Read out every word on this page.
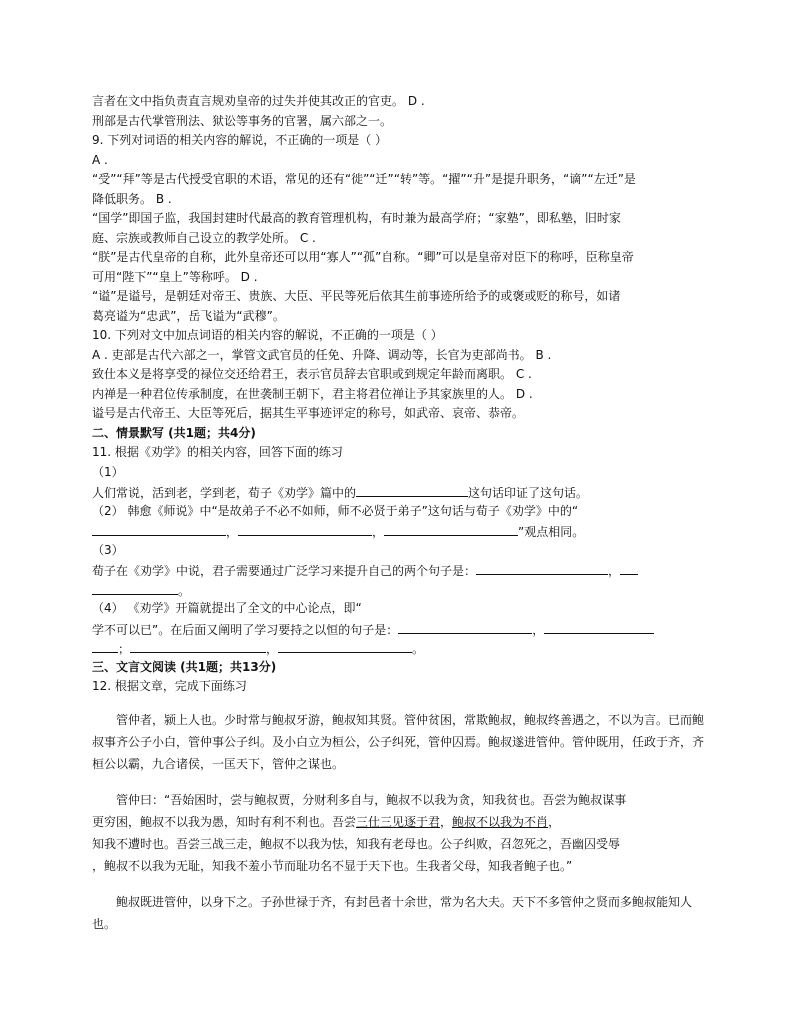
言者在文中指负责直言规劝皇帝的过失并使其改正的官吏。 D .
刑部是古代掌管刑法、狱讼等事务的官署，属六部之一。
9. 下列对词语的相关内容的解说，不正确的一项是（ ）
A .
“受”“拜”等是古代授受官职的术语，常见的还有“徙”“迁”“转”等。“擢”“升”是提升职务，“谪”“左迁”是
降低职务。 B .
“国学”即国子监，我国封建时代最高的教育管理机构，有时兼为最高学府；“家塾”，即私塾，旧时家
庭、宗族或教师自己设立的教学处所。 C .
“朕”是古代皇帝的自称，此外皇帝还可以用“寡人”“孤”自称。“卿”可以是皇帝对臣下的称呼，臣称皇帝
可用“陛下”“皇上”等称呼。 D .
“谥”是谥号，是朝廷对帝王、贵族、大臣、平民等死后依其生前事迹所给予的或褒或贬的称号，如诸
葛亮谥为“忠武”，岳飞谥为“武穆”。
10. 下列对文中加点词语的相关内容的解说，不正确的一项是（ ）
A . 吏部是古代六部之一，掌管文武官员的任免、升降、调动等，长官为吏部尚书。 B .
致仕本义是将享受的禄位交还给君王，表示官员辞去官职或到规定年龄而离职。 C .
内禅是一种君位传承制度，在世袭制王朝下，君主将君位禅让予其家族里的人。 D .
谥号是古代帝王、大臣等死后，据其生平事迹评定的称号，如武帝、哀帝、恭帝。
二、情景默写 (共1题；共4分)
11. 根据《劝学》的相关内容，回答下面的练习
（1）
人们常说，活到老，学到老，荀子《劝学》篇中的	这句话印证了这句话。
（2） 韩愈《师说》中“是故弟子不必不如师，师不必贤于弟子”这句话与荀子《劝学》中的“
，	，	”观点相同。
（3）
荀子在《劝学》中说，君子需要通过广泛学习来提升自己的两个句子是：	，
。
（4） 《劝学》开篇就提出了全文的中心论点，即“
学不可以已”。在后面又阐明了学习要持之以恒的句子是：	，
；	，	。
三、文言文阅读 (共1题；共13分)
12. 根据文章，完成下面练习
管仲者，颍上人也。少时常与鲍叔牙游，鲍叔知其贤。管仲贫困，常欺鲍叔，鲍叔终善遇之，不以为言。已而鲍叔事齐公子小白，管仲事公子纠。及小白立为桓公，公子纠死，管仲囚焉。鲍叔遂进管仲。管仲既用，任政于齐，齐桓公以霸，九合诸侯，一匡天下，管仲之谋也。
管仲曰：“吾始困时，尝与鲍叔贾，分财利多自与，鲍叔不以我为贪，知我贫也。吾尝为鲍叔谋事
更穷困，鲍叔不以我为愚，知时有利不利也。吾尝三仕三见逐于君，鲍叔不以我为不肖，
知我不遭时也。吾尝三战三走，鲍叔不以我为怯，知我有老母也。公子纠败，召忽死之，吾幽囚受辱
，鲍叔不以我为无耻，知我不羞小节而耻功名不显于天下也。生我者父母，知我者鲍子也。”
鲍叔既进管仲，以身下之。子孙世禄于齐，有封邑者十余世，常为名大夫。天下不多管仲之贤而多鲍叔能知人也。
